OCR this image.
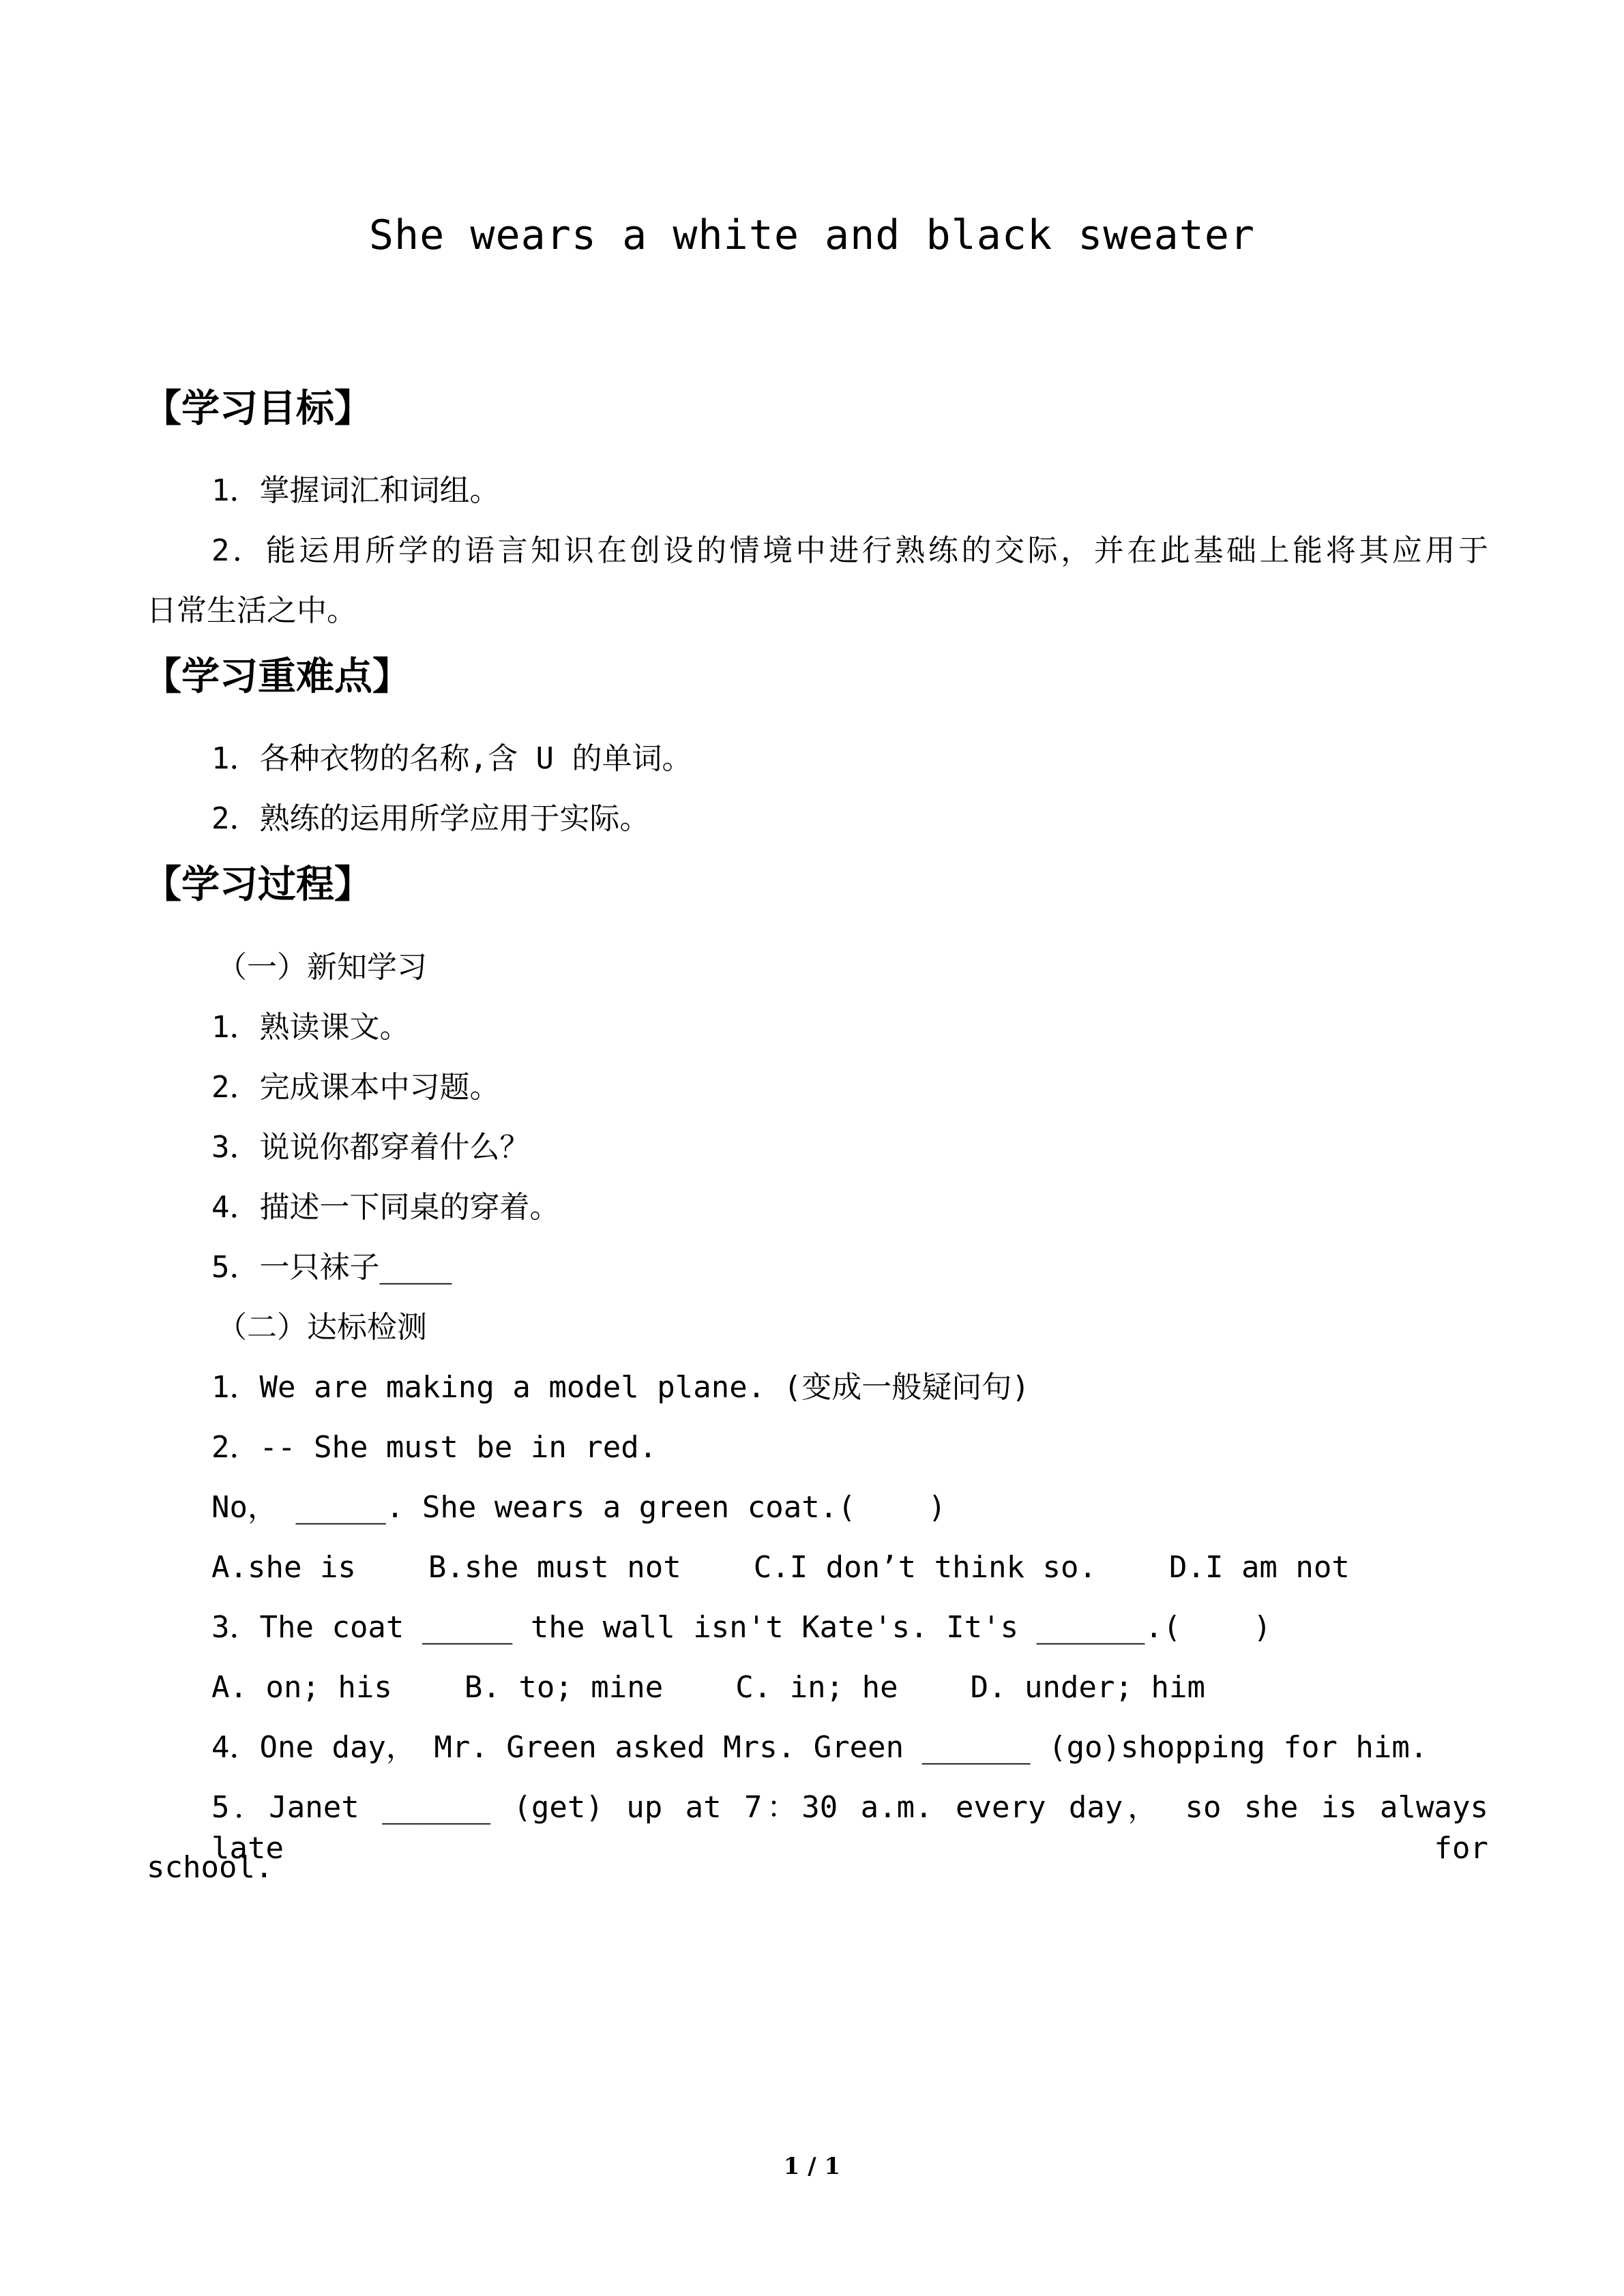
She wears a white and black sweater
【学习目标】
1．掌握词汇和词组。
2．能运用所学的语言知识在创设的情境中进行熟练的交际，并在此基础上能将其应用于
日常生活之中。
【学习重难点】
1．各种衣物的名称,含 U 的单词。
2．熟练的运用所学应用于实际。
【学习过程】
（一）新知学习
1．熟读课文。
2．完成课本中习题。
3．说说你都穿着什么？
4．描述一下同桌的穿着。
5．一只袜子____
（二）达标检测
1．We are making a model plane. (变成一般疑问句)
2．-- She must be in red.
No， _____. She wears a green coat.(    )
A.she is    B.she must not    C.I don’t think so.    D.I am not
3．The coat _____ the wall isn't Kate's. It's ______.(    )
A. on; his    B. to; mine    C. in; he    D. under; him
4．One day， Mr. Green asked Mrs. Green ______ (go)shopping for him.
5．Janet ______ (get) up at 7：30 a.m. every day， so she is always late for
school.
1 / 1
